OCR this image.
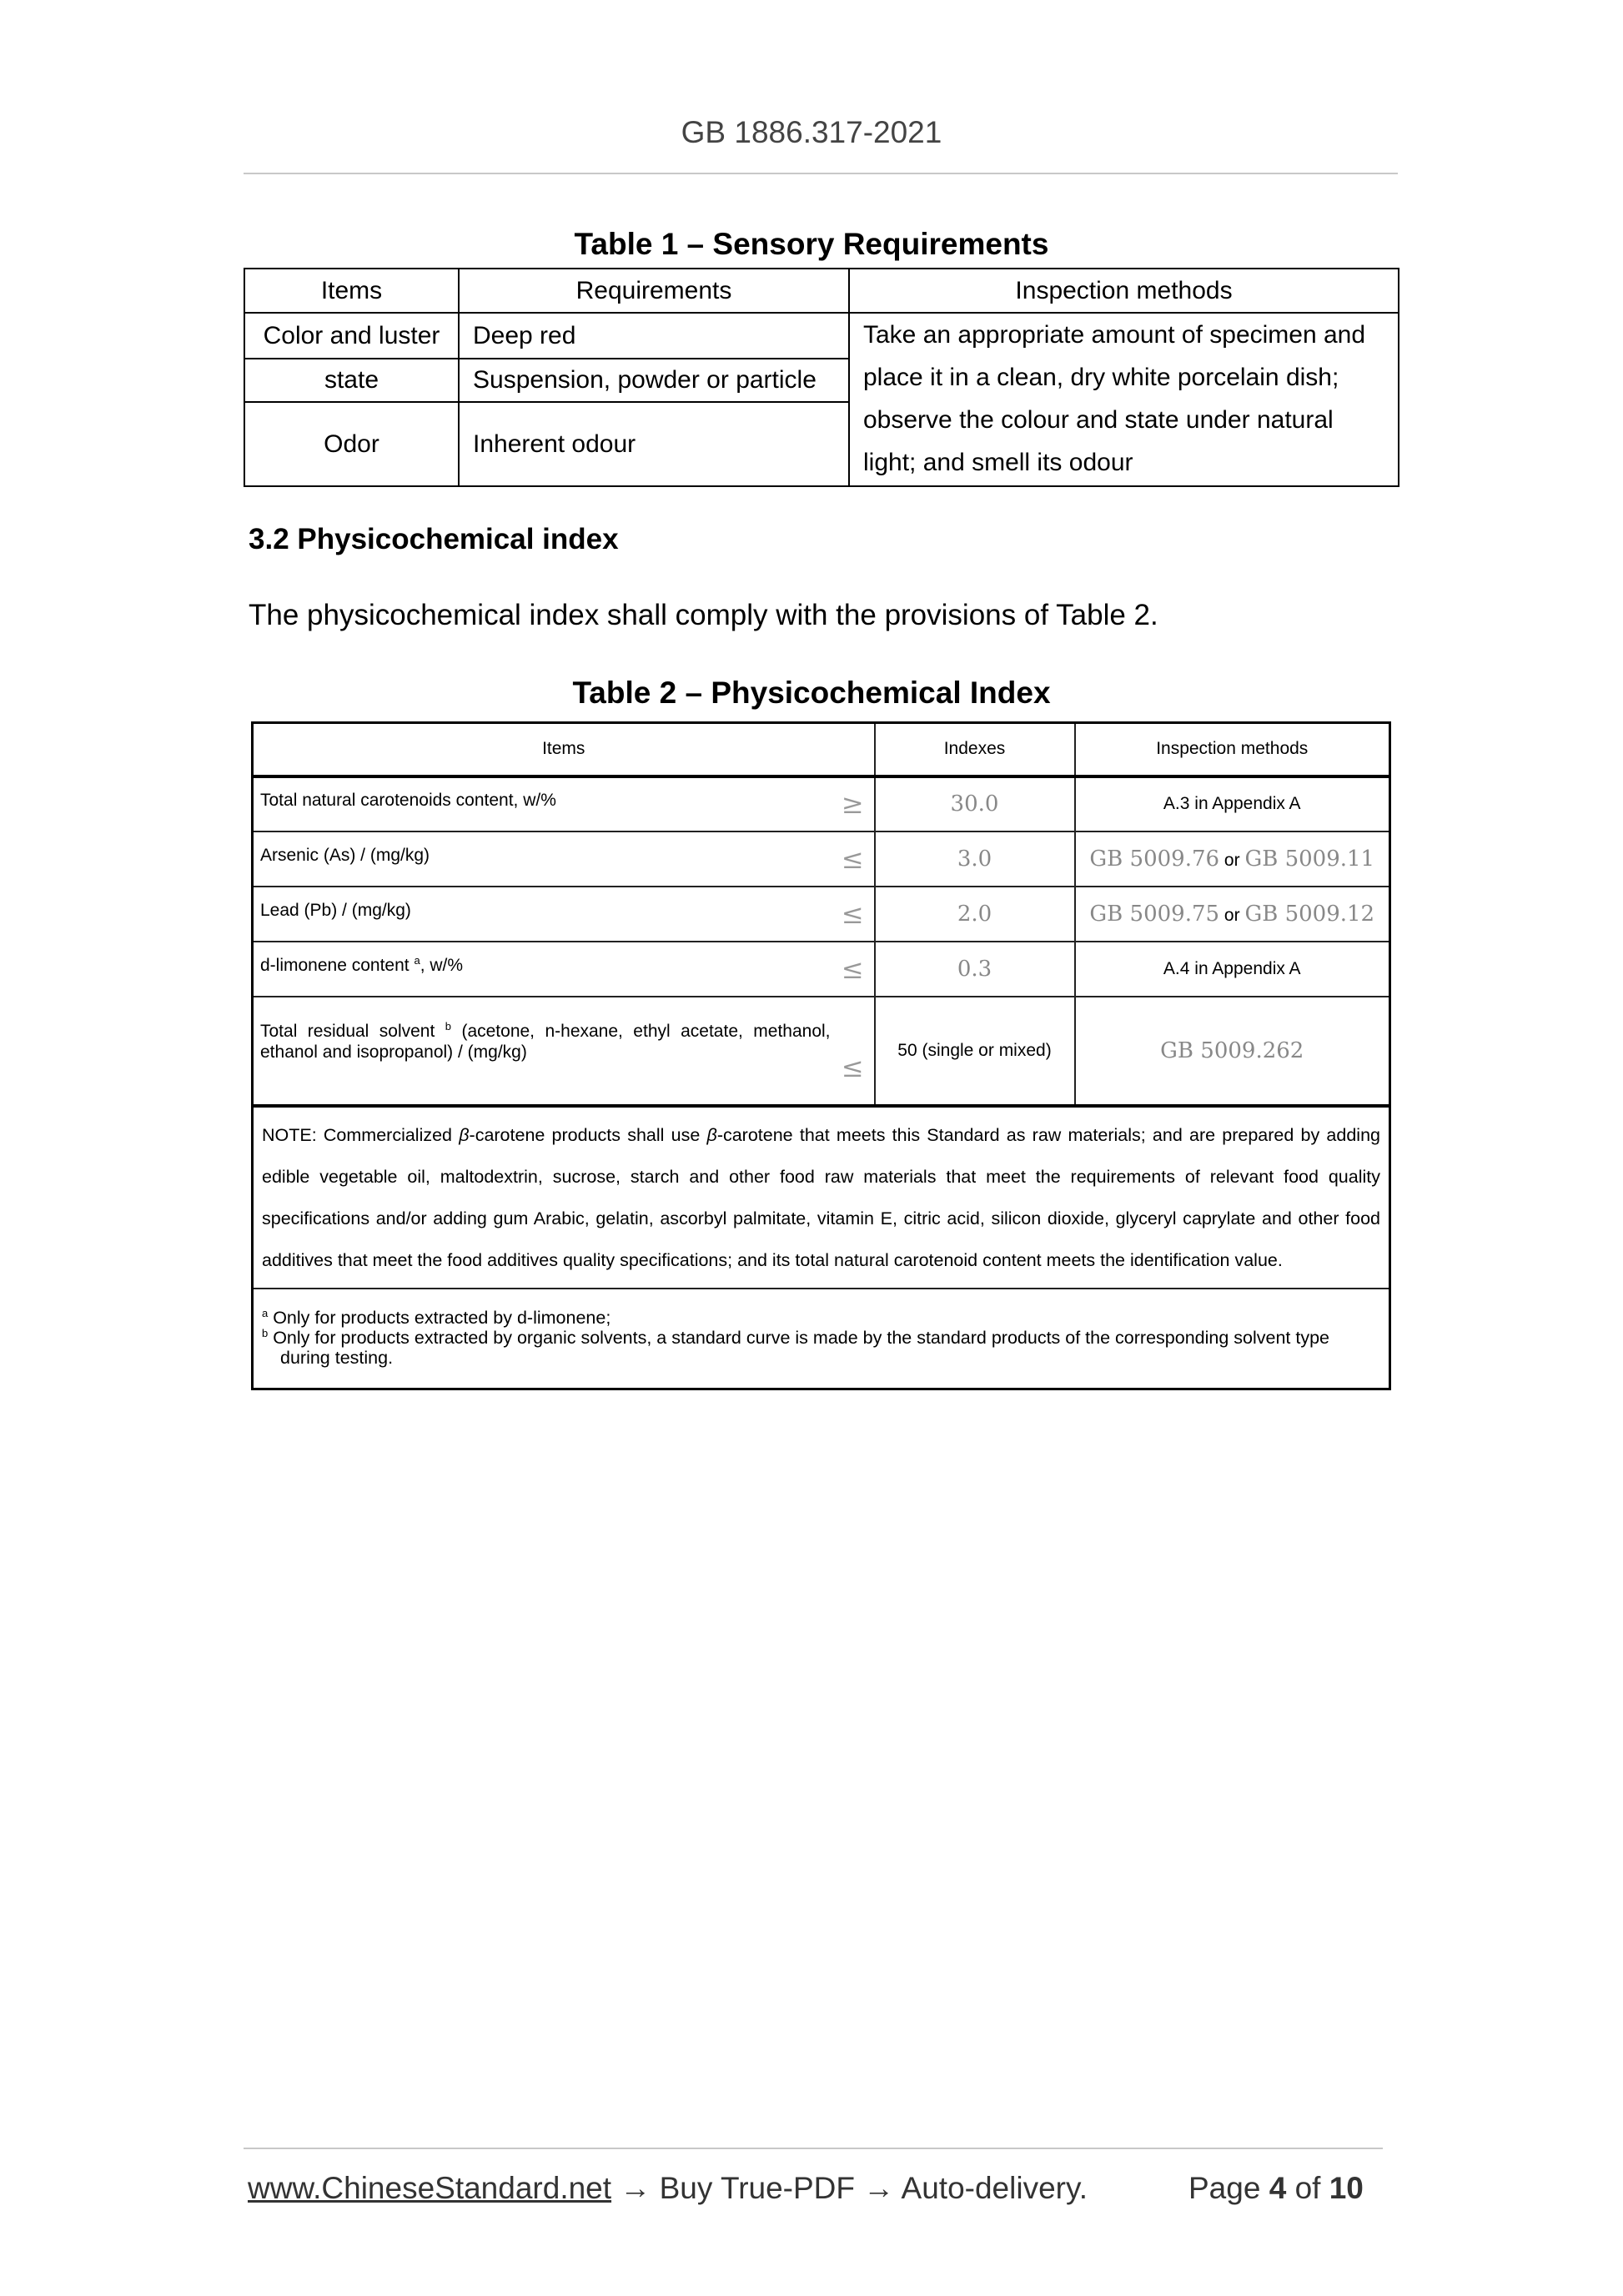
GB 1886.317-2021
Table 1 – Sensory Requirements
Items	Requirements	Inspection methods
Color and luster	Deep red	Take an appropriate amount of specimen and
place it in a clean, dry white porcelain dish;
observe the colour and state under natural
light; and smell its odour

state	Suspension, powder or particle
Odor	Inherent odour
3.2 Physicochemical index
The physicochemical index shall comply with the provisions of Table 2.
Table 2 – Physicochemical Index
Items	Indexes	Inspection methods

≥
Total natural carotenoids content, w/%	30.0	A.3 in Appendix A

≤
Arsenic (As) / (mg/kg)	3.0	GB 5009.76 or GB 5009.11

≤
Lead (Pb) / (mg/kg)	2.0	GB 5009.75 or GB 5009.12

≤
d-limonene content $^a$, w/%	0.3	A.4 in Appendix A

≤
Total residual solvent $^b$ (acetone, n-hexane, ethyl acetate, methanol, ethanol and isopropanol) / (mg/kg)	50 (single or mixed)	GB 5009.262
NOTE: Commercialized β-carotene products shall use β-carotene that meets this Standard as raw materials; and are prepared by adding edible vegetable oil, maltodextrin, sucrose, starch and other food raw materials that meet the requirements of relevant food quality specifications and/or adding gum Arabic, gelatin, ascorbyl palmitate, vitamin E, citric acid, silicon dioxide, glyceryl caprylate and other food additives that meet the food additives quality specifications; and its total natural carotenoid content meets the identification value.

$^a$ Only for products extracted by d-limonene;
$^b$ Only for products extracted by organic solvents, a standard curve is made by the standard products of the corresponding solvent type during testing.
www.ChineseStandard.net → Buy True-PDF → Auto-delivery.	Page 4 of 10
